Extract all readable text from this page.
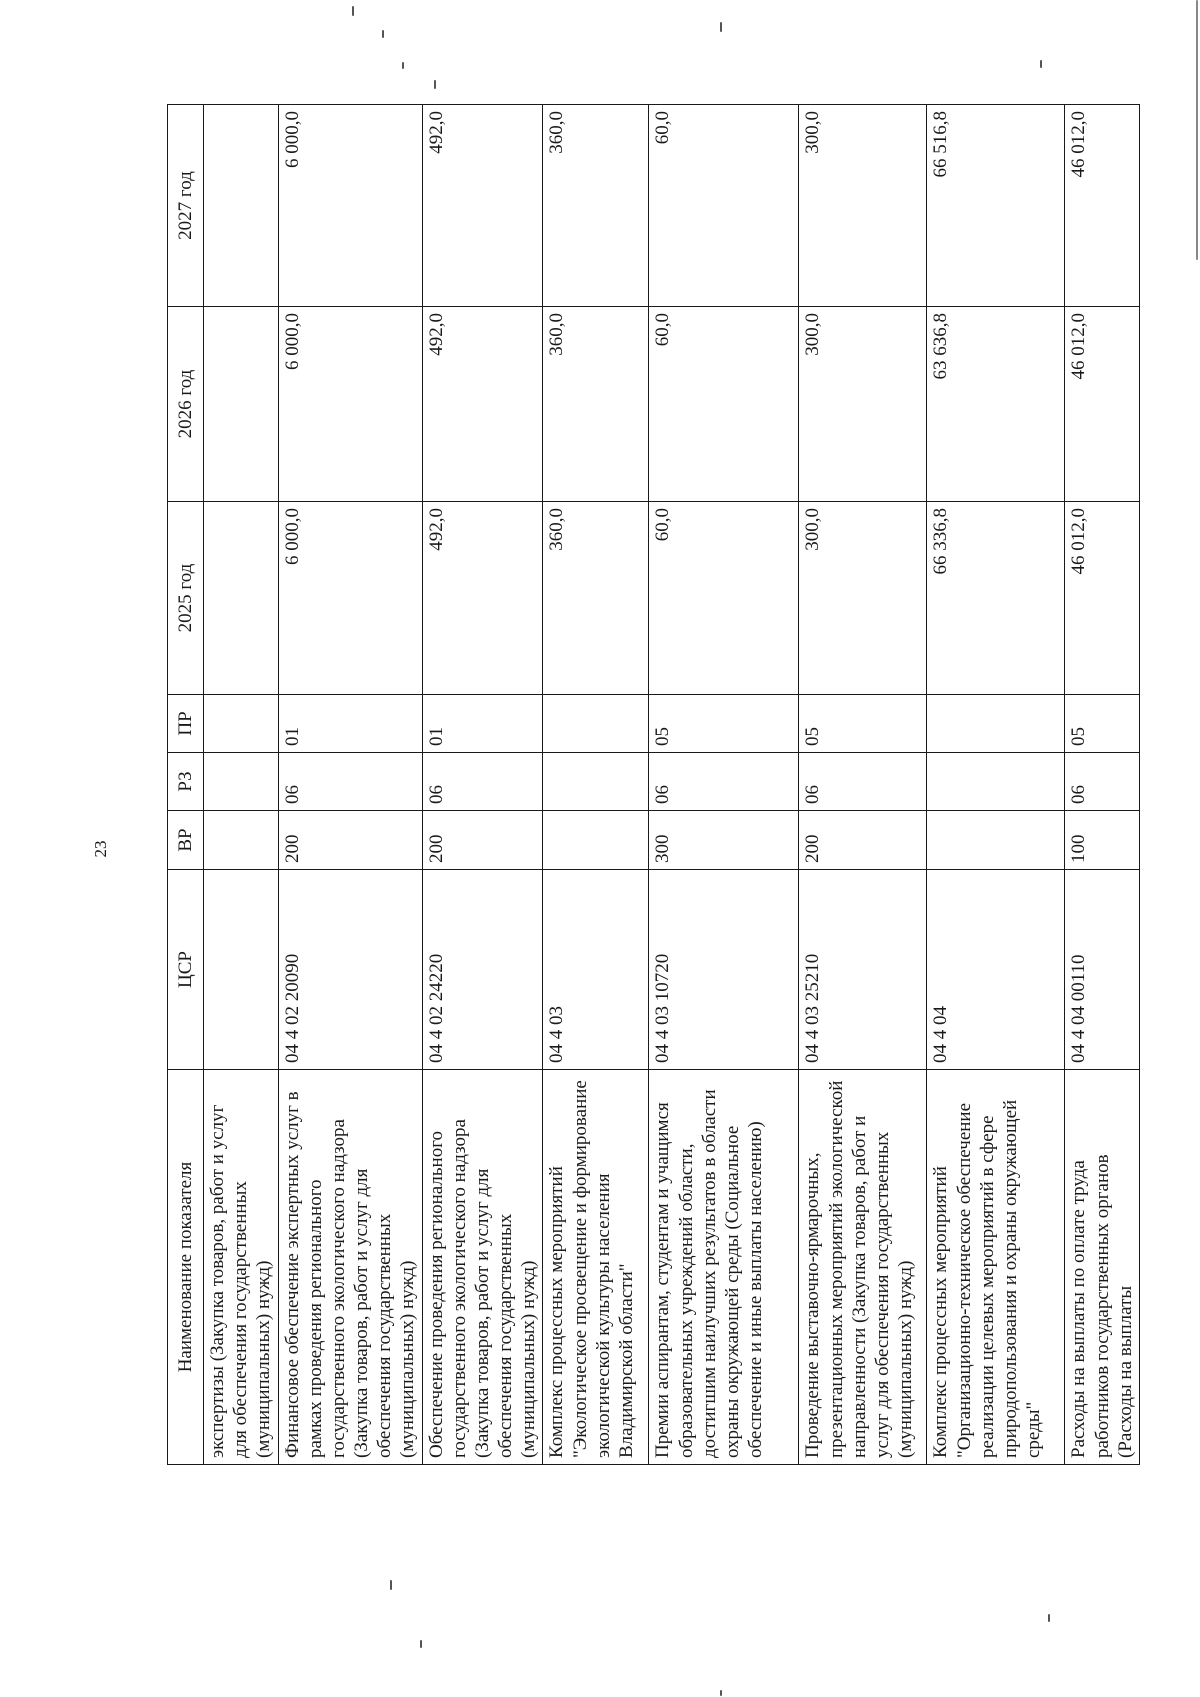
23
Наименование показателя	ЦСР	ВР	РЗ	ПР	2025 год	2026 год	2027 год
экспертизы (Закупка товаров, работ и услуг для обеспечения государственных (муниципальных) нужд)							
Финансовое обеспечение экспертных услуг в рамках проведения регионального государственного экологического надзора (Закупка товаров, работ и услуг для обеспечения государственных (муниципальных) нужд)	04 4 02 20090	200	06	01	6 000,0	6 000,0	6 000,0
Обеспечение проведения регионального государственного экологического надзора (Закупка товаров, работ и услуг для обеспечения государственных (муниципальных) нужд)	04 4 02 24220	200	06	01	492,0	492,0	492,0
Комплекс процессных мероприятий "Экологическое просвещение и формирование экологической культуры населения Владимирской области"	04 4 03				360,0	360,0	360,0
Премии аспирантам, студентам и учащимся образовательных учреждений области, достигшим наилучших результатов в области охраны окружающей среды (Социальное обеспечение и иные выплаты населению)	04 4 03 10720	300	06	05	60,0	60,0	60,0
Проведение выставочно-ярмарочных, презентационных мероприятий экологической направленности (Закупка товаров, работ и услуг для обеспечения государственных (муниципальных) нужд)	04 4 03 25210	200	06	05	300,0	300,0	300,0
Комплекс процессных мероприятий "Организационно-техническое обеспечение реализации целевых мероприятий в сфере природопользования и охраны окружающей среды"	04 4 04				66 336,8	63 636,8	66 516,8
Расходы на выплаты по оплате труда работников государственных органов (Расходы на выплаты	04 4 04 00110	100	06	05	46 012,0	46 012,0	46 012,0
